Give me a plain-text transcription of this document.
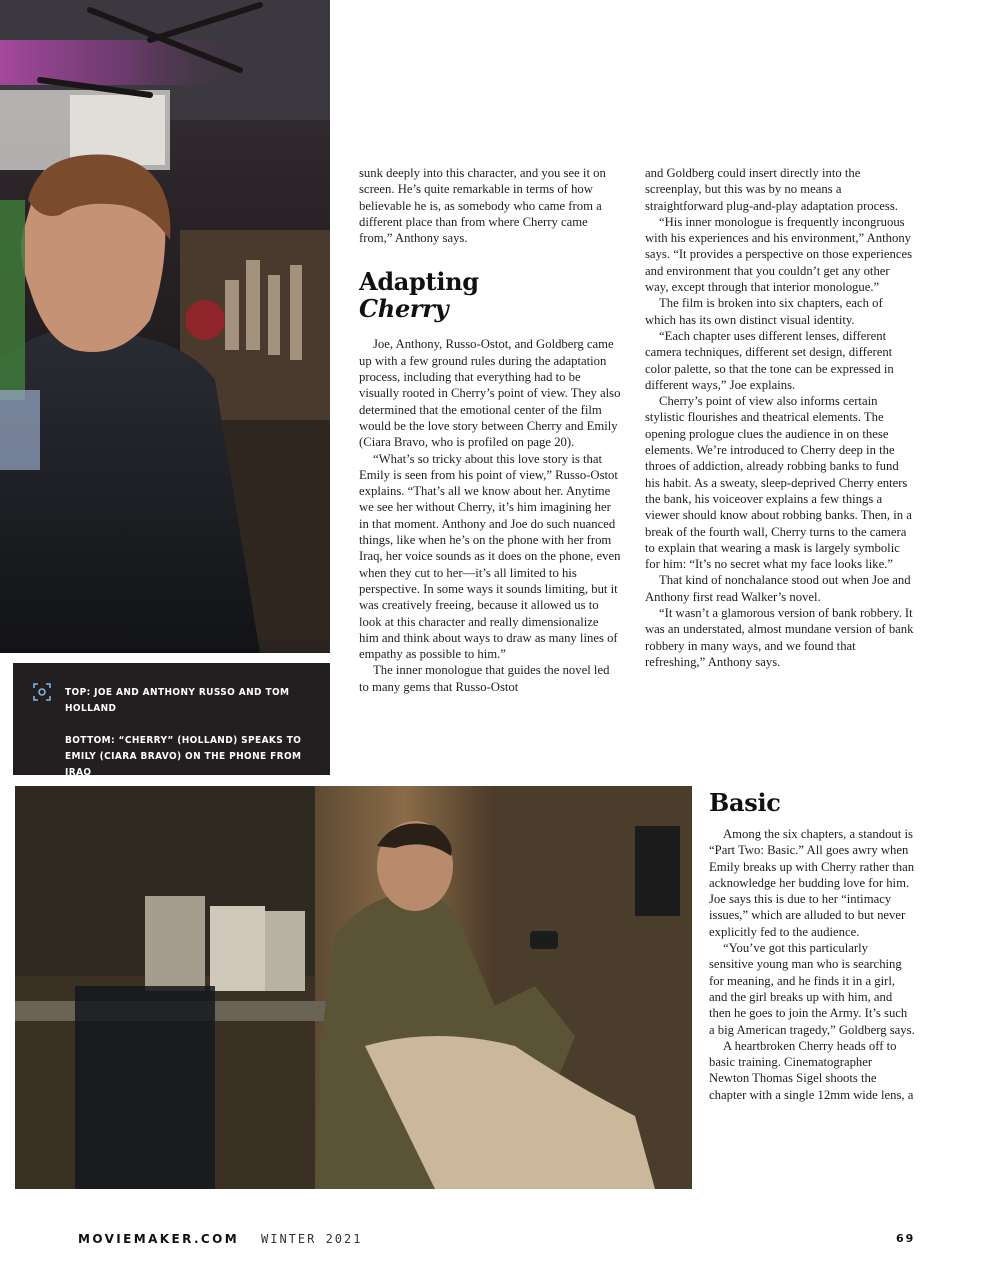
TOP: JOE AND ANTHONY RUSSO AND TOM HOLLAND

BOTTOM: “CHERRY” (HOLLAND) SPEAKS TO EMILY (CIARA BRAVO) ON THE PHONE FROM IRAQ

sunk deeply into this character, and you see it on screen. He’s quite remarkable in terms of how believable he is, as somebody who came from a different place than from where Cherry came from,” Anthony says.

Adapting
Cherry

Joe, Anthony, Russo-Ostot, and Goldberg came up with a few ground rules during the adaptation process, including that everything had to be visually rooted in Cherry’s point of view. They also determined that the emotional center of the film would be the love story between Cherry and Emily (Ciara Bravo, who is profiled on page 20).

“What’s so tricky about this love story is that Emily is seen from his point of view,” Russo-Ostot explains. “That’s all we know about her. Anytime we see her without Cherry, it’s him imagining her in that moment. Anthony and Joe do such nuanced things, like when he’s on the phone with her from Iraq, her voice sounds as it does on the phone, even when they cut to her—it’s all limited to his perspective. In some ways it sounds limiting, but it was creatively freeing, because it allowed us to look at this character and really dimensionalize him and think about ways to draw as many lines of empathy as possible to him.”

The inner monologue that guides the novel led to many gems that Russo-Ostot

and Goldberg could insert directly into the screenplay, but this was by no means a straightforward plug-and-play adaptation process.

“His inner monologue is frequently incongruous with his experiences and his environment,” Anthony says. “It provides a perspective on those experiences and environment that you couldn’t get any other way, except through that interior monologue.”

The film is broken into six chapters, each of which has its own distinct visual identity.

“Each chapter uses different lenses, different camera techniques, different set design, different color palette, so that the tone can be expressed in different ways,” Joe explains.

Cherry’s point of view also informs certain stylistic flourishes and theatrical elements. The opening prologue clues the audience in on these elements. We’re introduced to Cherry deep in the throes of addiction, already robbing banks to fund his habit. As a sweaty, sleep-deprived Cherry enters the bank, his voiceover explains a few things a viewer should know about robbing banks. Then, in a break of the fourth wall, Cherry turns to the camera to explain that wearing a mask is largely symbolic for him: “It’s no secret what my face looks like.”

That kind of nonchalance stood out when Joe and Anthony first read Walker’s novel.

“It wasn’t a glamorous version of bank robbery. It was an understated, almost mundane version of bank robbery in many ways, and we found that refreshing,” Anthony says.

Basic

Among the six chapters, a standout is “Part Two: Basic.” All goes awry when Emily breaks up with Cherry rather than acknowledge her budding love for him. Joe says this is due to her “intimacy issues,” which are alluded to but never explicitly fed to the audience.

“You’ve got this particularly sensitive young man who is searching for meaning, and he finds it in a girl, and the girl breaks up with him, and then he goes to join the Army. It’s such a big American tragedy,” Goldberg says.

A heartbroken Cherry heads off to basic training. Cinematographer Newton Thomas Sigel shoots the chapter with a single 12mm wide lens, a

MOVIEMAKER.COM WINTER 2021	69
